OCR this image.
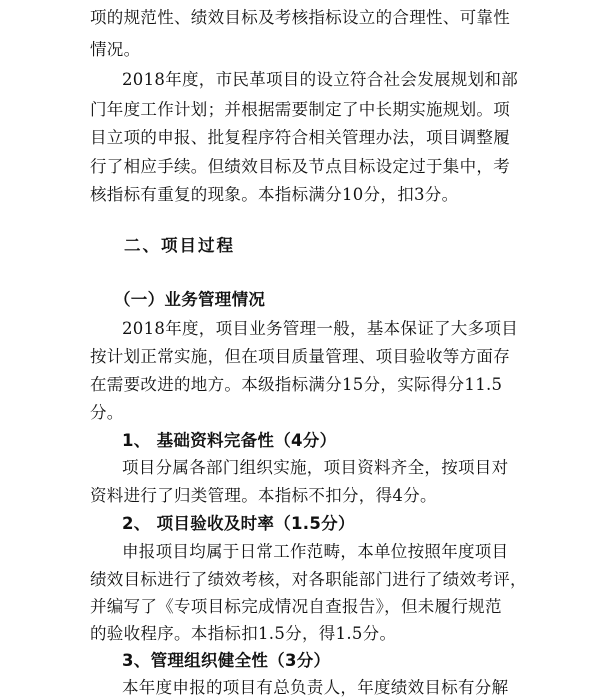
项的规范性、绩效目标及考核指标设立的合理性、可靠性

情况。

2018年度，市民革项目的设立符合社会发展规划和部

门年度工作计划；并根据需要制定了中长期实施规划。项

目立项的申报、批复程序符合相关管理办法，项目调整履

行了相应手续。但绩效目标及节点目标设定过于集中，考

核指标有重复的现象。本指标满分10分，扣3分。

二、项目过程

（一）业务管理情况

2018年度，项目业务管理一般，基本保证了大多项目

按计划正常实施，但在项目质量管理、项目验收等方面存

在需要改进的地方。本级指标满分15分，实际得分11.5

分。

1、 基础资料完备性（4分）

项目分属各部门组织实施，项目资料齐全，按项目对

资料进行了归类管理。本指标不扣分，得4分。

2、 项目验收及时率（1.5分）

申报项目均属于日常工作范畴，本单位按照年度项目

绩效目标进行了绩效考核，对各职能部门进行了绩效考评，

并编写了《专项目标完成情况自查报告》，但未履行规范

的验收程序。本指标扣1.5分，得1.5分。

3、管理组织健全性（3分）

本年度申报的项目有总负责人，年度绩效目标有分解
